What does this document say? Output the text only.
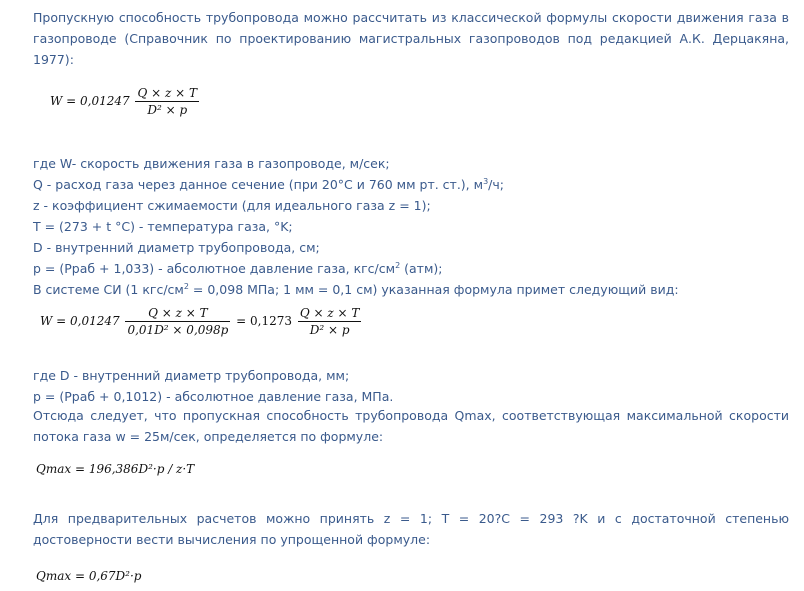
Пропускную способность трубопровода можно рассчитать из классической формулы скорости движения газа в газопроводе (Справочник по проектированию магистральных газопроводов под редакцией А.К. Дерцакяна, 1977):
$W = 0,01247 \frac{Q \times z \times T}{\text{D² × p}}$
где W- скорость движения газа в газопроводе, м/сек;
Q - расход газа через данное сечение (при 20°С и 760 мм рт. ст.), $м^3/ч$;
z - коэффициент сжимаемости (для идеального газа z = 1);
T = (273 + t °C) - температура газа, °K;
D - внутренний диаметр трубопровода, см;
p = (Рраб + 1,033) - абсолютное давление газа, кгс/$см^2$ (атм);
В системе СИ (1 кгс/$см^2 = 0,098$ МПа; 1 мм = 0,1 см) указанная формула примет следующий вид:
$W = 0,01247 \frac{Q \times z \times T}{\text{0,01D² × 0,098p}} = 0,1273 \frac{Q \times z \times T}{\text{D² × p}}$
где D - внутренний диаметр трубопровода, мм;
p = (Рраб + 0,1012) - абсолютное давление газа, МПа.
Отсюда следует, что пропускная способность трубопровода Qmax, соответствующая максимальной скорости потока газа w = 25м/сек, определяется по формуле:
Qmax = 196,386D²·p / z·T
Для предварительных расчетов можно принять z = 1; T = 20?C = 293 ?K и с достаточной степенью достоверности вести вычисления по упрощенной формуле:
Qmax = 0,67D²·p
